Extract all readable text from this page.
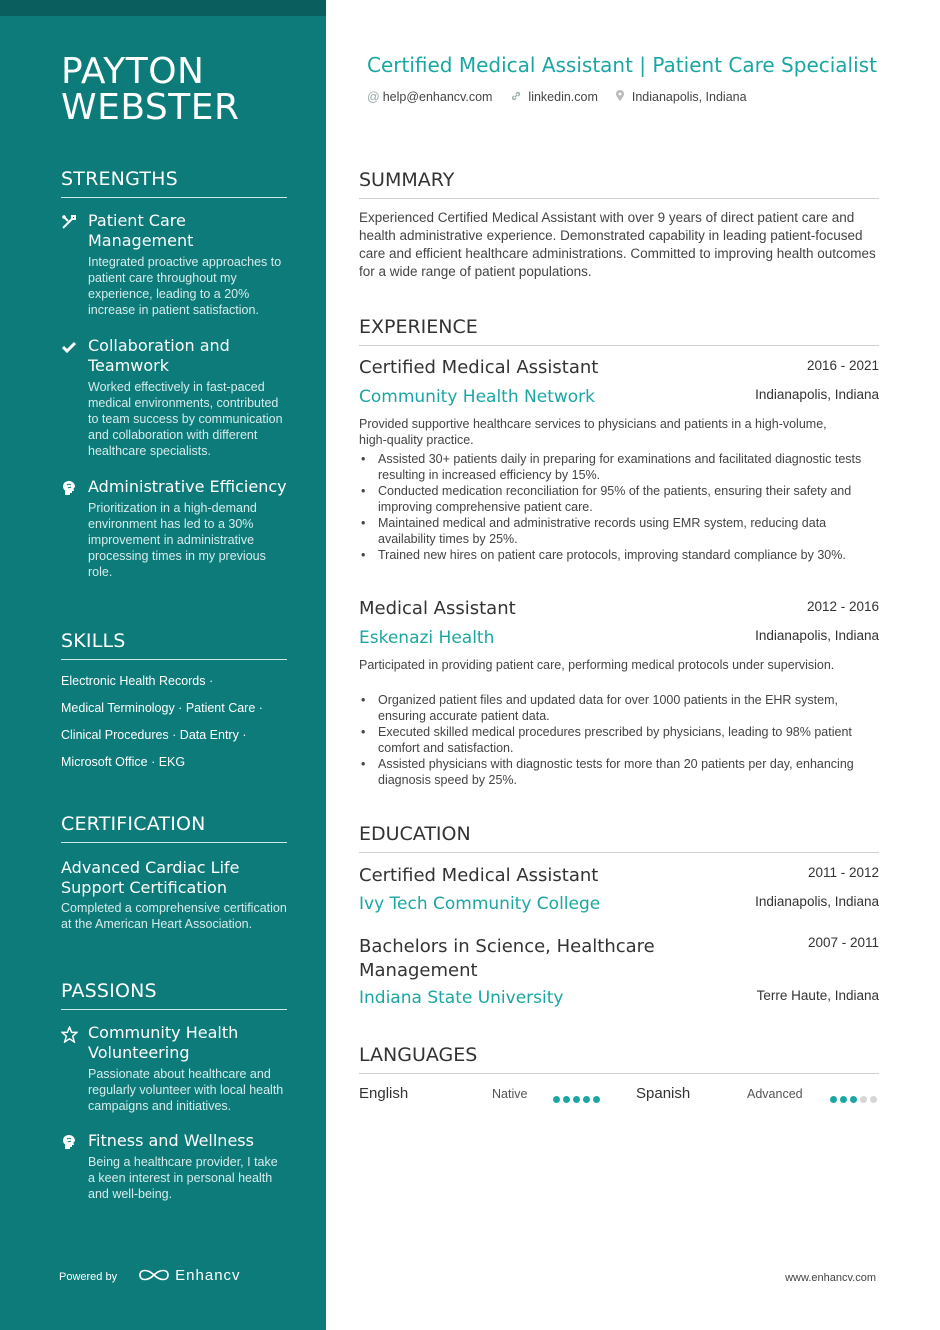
PAYTON
WEBSTER
STRENGTHS
Patient Care Management
Integrated proactive approaches to patient care throughout my experience, leading to a 20% increase in patient satisfaction.
Collaboration and Teamwork
Worked effectively in fast-paced medical environments, contributed to team success by communication and collaboration with different healthcare specialists.
Administrative Efficiency
Prioritization in a high-demand environment has led to a 30% improvement in administrative processing times in my previous role.
SKILLS
Electronic Health Records ·
Medical Terminology · Patient Care ·
Clinical Procedures · Data Entry ·
Microsoft Office · EKG
CERTIFICATION
Advanced Cardiac Life Support Certification
Completed a comprehensive certification at the American Heart Association.
PASSIONS
Community Health Volunteering
Passionate about healthcare and regularly volunteer with local health campaigns and initiatives.
Fitness and Wellness
Being a healthcare provider, I take a keen interest in personal health and well-being.
Powered by	Enhancv
Certified Medical Assistant | Patient Care Specialist
@ help@enhancv.com	linkedin.com	Indianapolis, Indiana
SUMMARY
Experienced Certified Medical Assistant with over 9 years of direct patient care and health administrative experience. Demonstrated capability in leading patient-focused care and efficient healthcare administrations. Committed to improving health outcomes for a wide range of patient populations.
EXPERIENCE
Certified Medical Assistant	2016 - 2021
Community Health Network	Indianapolis, Indiana
Provided supportive healthcare services to physicians and patients in a high-volume, high-quality practice.
• Assisted 30+ patients daily in preparing for examinations and facilitated diagnostic tests resulting in increased efficiency by 15%.
• Conducted medication reconciliation for 95% of the patients, ensuring their safety and improving comprehensive patient care.
• Maintained medical and administrative records using EMR system, reducing data availability times by 25%.
• Trained new hires on patient care protocols, improving standard compliance by 30%.
Medical Assistant	2012 - 2016
Eskenazi Health	Indianapolis, Indiana
Participated in providing patient care, performing medical protocols under supervision.
• Organized patient files and updated data for over 1000 patients in the EHR system, ensuring accurate patient data.
• Executed skilled medical procedures prescribed by physicians, leading to 98% patient comfort and satisfaction.
• Assisted physicians with diagnostic tests for more than 20 patients per day, enhancing diagnosis speed by 25%.
EDUCATION
Certified Medical Assistant	2011 - 2012
Ivy Tech Community College	Indianapolis, Indiana
Bachelors in Science, Healthcare Management
2007 - 2011
Indiana State University	Terre Haute, Indiana
LANGUAGES
English	Native	Spanish	Advanced
www.enhancv.com
